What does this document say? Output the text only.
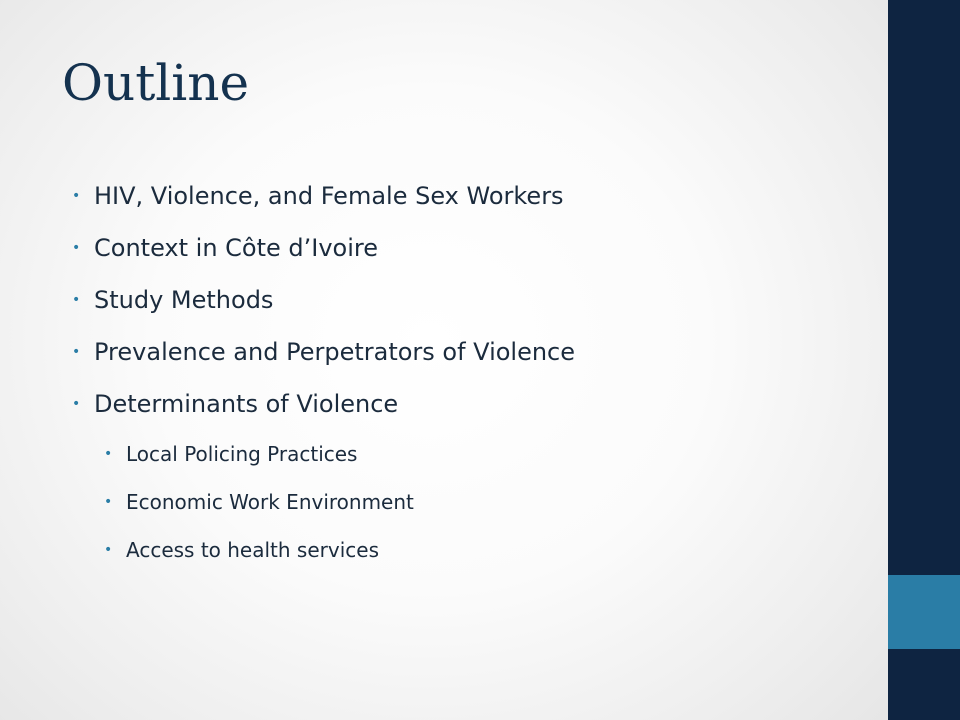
Outline
• HIV, Violence, and Female Sex Workers
• Context in Côte d’Ivoire
• Study Methods
• Prevalence and Perpetrators of Violence
• Determinants of Violence
• Local Policing Practices
• Economic Work Environment
• Access to health services
